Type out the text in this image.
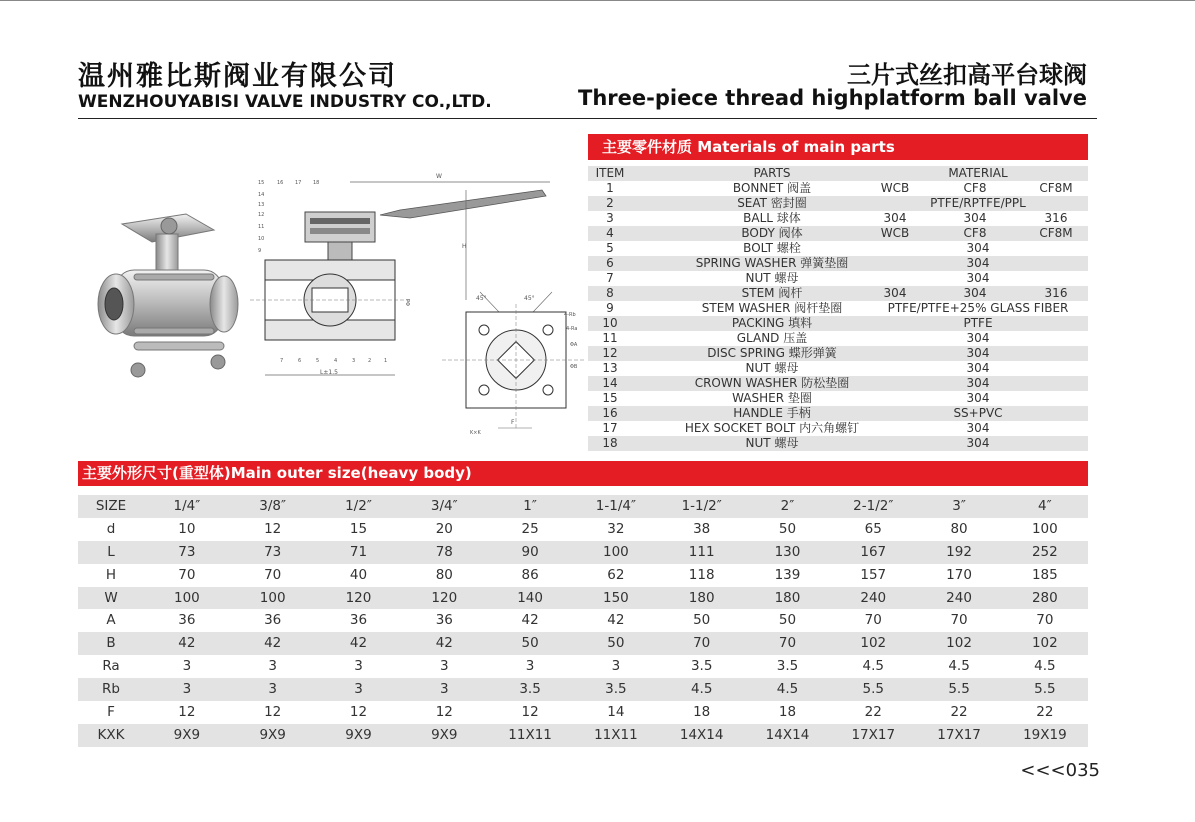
温州雅比斯阀业有限公司
WENZHOUYABISI VALVE INDUSTRY CO.,LTD.
三片式丝扣高平台球阀
Three-piece thread highplatform ball valve
W
H
Φd
L±1.5
15	16 17 18
14
13
12
11
10
9
7	6	5	4	3	2	1
45°	45°
4-Rb
4-Ra
ΦA
ΦB
F
K×K
主要零件材质 Materials of main parts
ITEM	PARTS	MATERIAL
1	BONNET 阀盖	WCB	CF8	CF8M
2	SEAT 密封圈	PTFE/RPTFE/PPL
3	BALL 球体	304	304	316
4	BODY 阀体	WCB	CF8	CF8M
5	BOLT 螺栓	304
6	SPRING WASHER 弹簧垫圈	304
7	NUT 螺母	304
8	STEM 阀杆	304	304	316
9	STEM WASHER 阀杆垫圈	PTFE/PTFE+25% GLASS FIBER
10	PACKING 填料	PTFE
11	GLAND 压盖	304
12	DISC SPRING 蝶形弹簧	304
13	NUT 螺母	304
14	CROWN WASHER 防松垫圈	304
15	WASHER 垫圈	304
16	HANDLE 手柄	SS+PVC
17	HEX SOCKET BOLT 内六角螺钉	304
18	NUT 螺母	304
主要外形尺寸(重型体)Main outer size(heavy body)
SIZE	1/4″	3/8″	1/2″	3/4″	1″	1-1/4″	1-1/2″	2″	2-1/2″	3″	4″
d	10	12	15	20	25	32	38	50	65	80	100
L	73	73	71	78	90	100	111	130	167	192	252
H	70	70	40	80	86	62	118	139	157	170	185
W	100	100	120	120	140	150	180	180	240	240	280
A	36	36	36	36	42	42	50	50	70	70	70
B	42	42	42	42	50	50	70	70	102	102	102
Ra	3	3	3	3	3	3	3.5	3.5	4.5	4.5	4.5
Rb	3	3	3	3	3.5	3.5	4.5	4.5	5.5	5.5	5.5
F	12	12	12	12	12	14	18	18	22	22	22
KXK	9X9	9X9	9X9	9X9	11X11	11X11	14X14	14X14	17X17	17X17	19X19
<<<035
